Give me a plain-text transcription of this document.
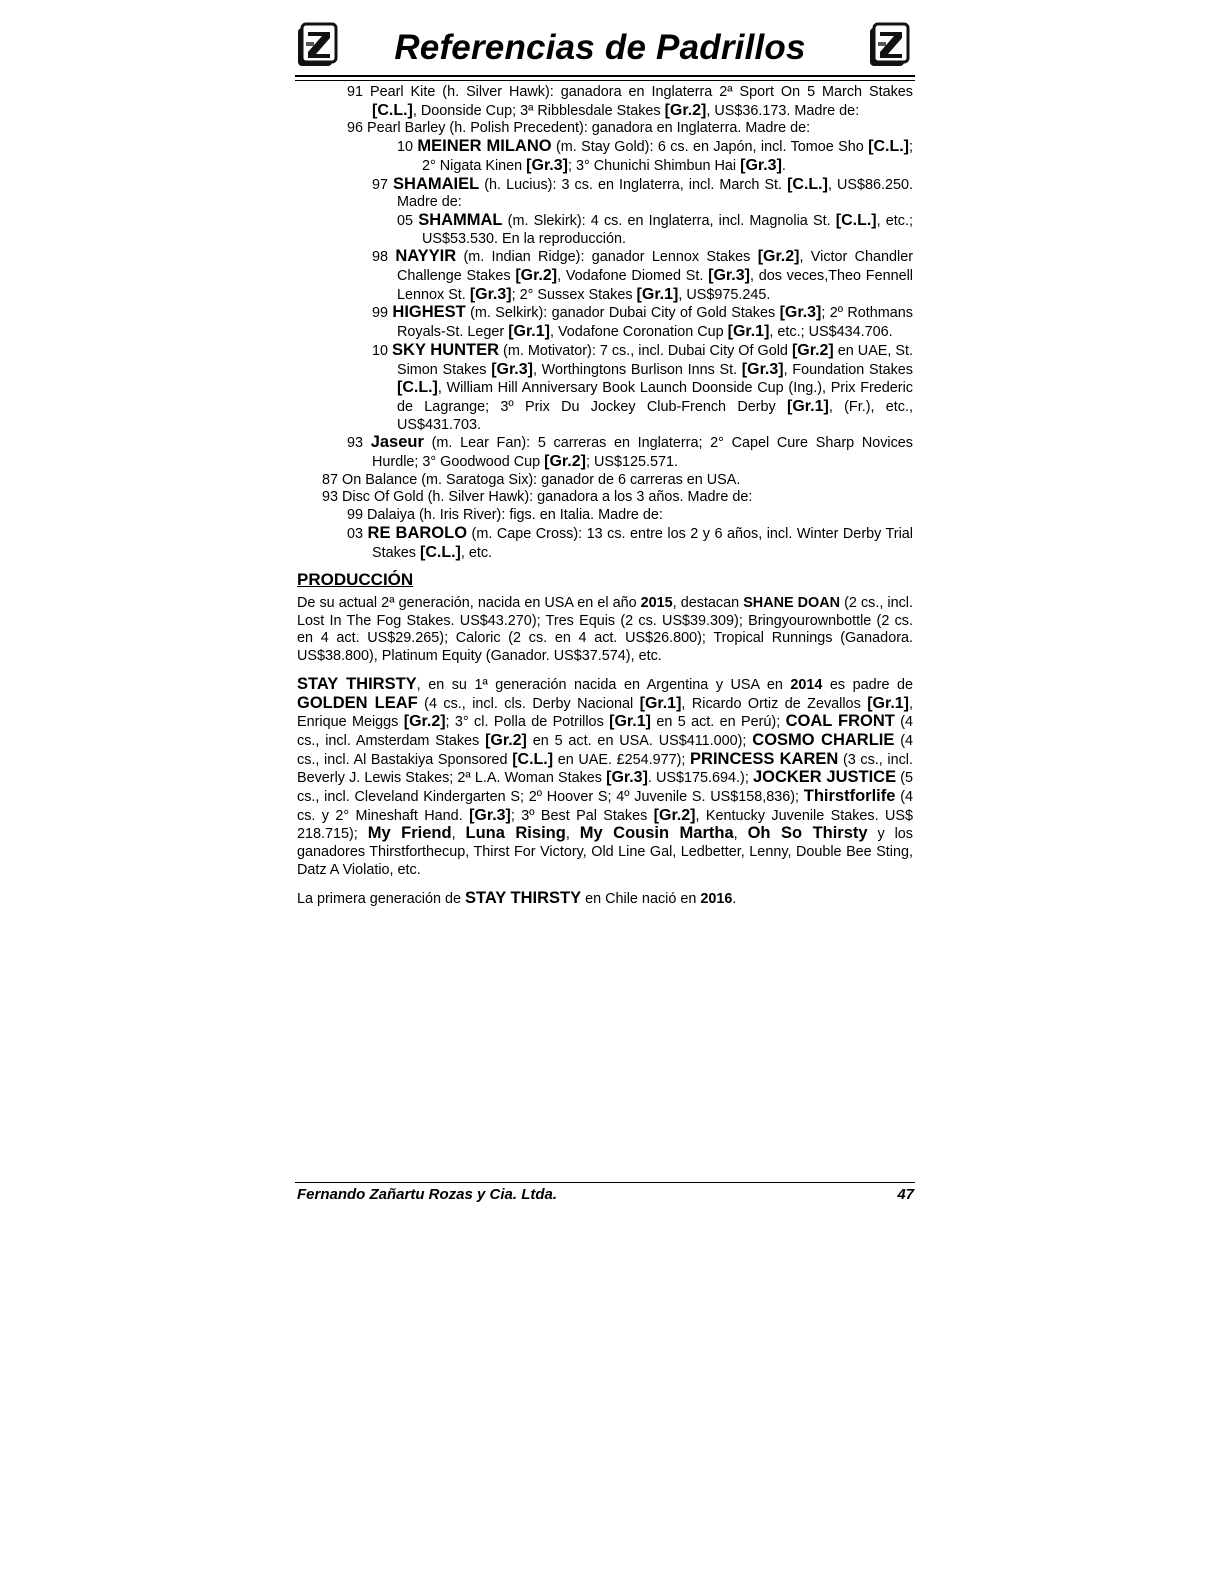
Referencias de Padrillos

91 Pearl Kite (h. Silver Hawk): ganadora en Inglaterra 2ª Sport On 5 March Stakes [C.L.], Doonside Cup; 3ª Ribblesdale Stakes [Gr.2], US$36.173. Madre de:

96 Pearl Barley (h. Polish Precedent): ganadora en Inglaterra. Madre de:

10 MEINER MILANO (m. Stay Gold): 6 cs. en Japón, incl. Tomoe Sho [C.L.]; 2° Nigata Kinen [Gr.3]; 3° Chunichi Shimbun Hai [Gr.3].

97 SHAMAIEL (h. Lucius): 3 cs. en Inglaterra, incl. March St. [C.L.], US$86.250. Madre de:

05 SHAMMAL (m. Slekirk): 4 cs. en Inglaterra, incl. Magnolia St. [C.L.], etc.; US$53.530. En la reproducción.

98 NAYYIR (m. Indian Ridge): ganador Lennox Stakes [Gr.2], Victor Chandler Challenge Stakes [Gr.2], Vodafone Diomed St. [Gr.3], dos veces,Theo Fennell Lennox St. [Gr.3]; 2° Sussex Stakes [Gr.1], US$975.245.

99 HIGHEST (m. Selkirk): ganador Dubai City of Gold Stakes [Gr.3]; 2º Rothmans Royals-St. Leger [Gr.1], Vodafone Coronation Cup [Gr.1], etc.; US$434.706.

10 SKY HUNTER (m. Motivator): 7 cs., incl. Dubai City Of Gold [Gr.2] en UAE, St. Simon Stakes [Gr.3], Worthingtons Burlison Inns St. [Gr.3], Foundation Stakes [C.L.], William Hill Anniversary Book Launch Doonside Cup (Ing.), Prix Frederic de Lagrange; 3º Prix Du Jockey Club-French Derby [Gr.1], (Fr.), etc., US$431.703.

93 Jaseur (m. Lear Fan): 5 carreras en Inglaterra; 2° Capel Cure Sharp Novices Hurdle; 3° Goodwood Cup [Gr.2]; US$125.571.

87 On Balance (m. Saratoga Six): ganador de 6 carreras en USA.

93 Disc Of Gold (h. Silver Hawk): ganadora a los 3 años. Madre de:

99 Dalaiya (h. Iris River): figs. en Italia. Madre de:

03 RE BAROLO (m. Cape Cross): 13 cs. entre los 2 y 6 años, incl. Winter Derby Trial Stakes [C.L.], etc.

PRODUCCIÓN

De su actual 2ª generación, nacida en USA en el año 2015, destacan SHANE DOAN (2 cs., incl. Lost In The Fog Stakes. US$43.270); Tres Equis (2 cs. US$39.309); Bringyourownbottle (2 cs. en 4 act. US$29.265); Caloric (2 cs. en 4 act. US$26.800); Tropical Runnings (Ganadora. US$38.800), Platinum Equity (Ganador. US$37.574), etc.

STAY THIRSTY, en su 1ª generación nacida en Argentina y USA en 2014 es padre de GOLDEN LEAF (4 cs., incl. cls. Derby Nacional [Gr.1], Ricardo Ortiz de Zevallos [Gr.1], Enrique Meiggs [Gr.2]; 3° cl. Polla de Potrillos [Gr.1] en 5 act. en Perú); COAL FRONT (4 cs., incl. Amsterdam Stakes [Gr.2] en 5 act. en USA. US$411.000); COSMO CHARLIE (4 cs., incl. Al Bastakiya Sponsored [C.L.] en UAE. £254.977); PRINCESS KAREN (3 cs., incl. Beverly J. Lewis Stakes; 2ª L.A. Woman Stakes [Gr.3]. US$175.694.); JOCKER JUSTICE (5 cs., incl. Cleveland Kindergarten S; 2º Hoover S; 4º Juvenile S. US$158,836); Thirstforlife (4 cs. y 2° Mineshaft Hand. [Gr.3]; 3º Best Pal Stakes [Gr.2], Kentucky Juvenile Stakes. US$ 218.715); My Friend, Luna Rising, My Cousin Martha, Oh So Thirsty y los ganadores Thirstforthecup, Thirst For Victory, Old Line Gal, Ledbetter, Lenny, Double Bee Sting, Datz A Violatio, etc.

La primera generación de STAY THIRSTY en Chile nació en 2016.

Fernando Zañartu Rozas y Cia. Ltda.	47
